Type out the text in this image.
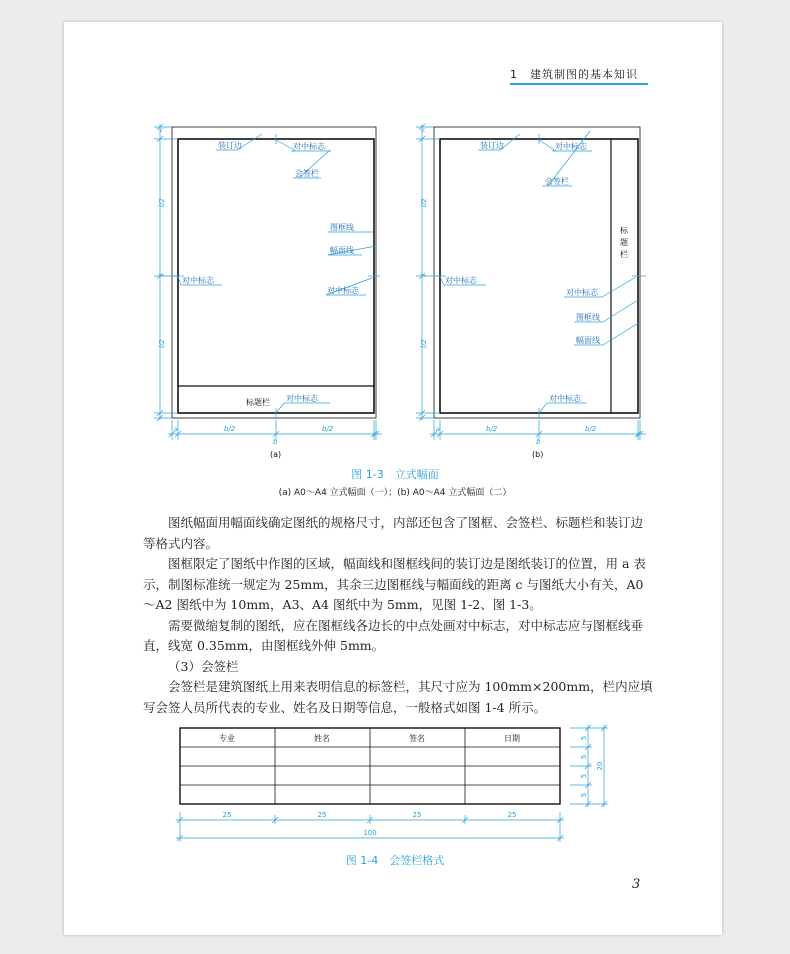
1　建筑制图的基本知识
装订边	对中标志
会签栏
图框线
幅面线
对中标志
对中标志
对中标志
标题栏
c
l/2
l
l/2
b/2	b/2
b
a
(a)
装订边	对中标志
会签栏
对中标志
图框线
幅面线
对中标志
对中标志
标
题
栏
c
l/2
l
l/2
b/2	b/2
b
a
(b)
图 1-3　立式幅面
(a) A0～A4 立式幅面（一）；(b) A0～A4 立式幅面（二）

图纸幅面用幅面线确定图纸的规格尺寸，内部还包含了图框、会签栏、标题栏和装订边等格式内容。

图框限定了图纸中作图的区域，幅面线和图框线间的装订边是图纸装订的位置，用 a 表示，制图标准统一规定为 25mm，其余三边图框线与幅面线的距离 c 与图纸大小有关，A0～A2 图纸中为 10mm，A3、A4 图纸中为 5mm，见图 1-2、图 1-3。

需要微缩复制的图纸，应在图框线各边长的中点处画对中标志，对中标志应与图框线垂直，线宽 0.35mm，由图框线外伸 5mm。

（3）会签栏

会签栏是建筑图纸上用来表明信息的标签栏，其尺寸应为 100mm×200mm，栏内应填写会签人员所代表的专业、姓名及日期等信息，一般格式如图 1-4 所示。

专业	姓名	签名	日期
25	25	25	25
100
5
5
5
5
20
图 1-4　会签栏格式
3
